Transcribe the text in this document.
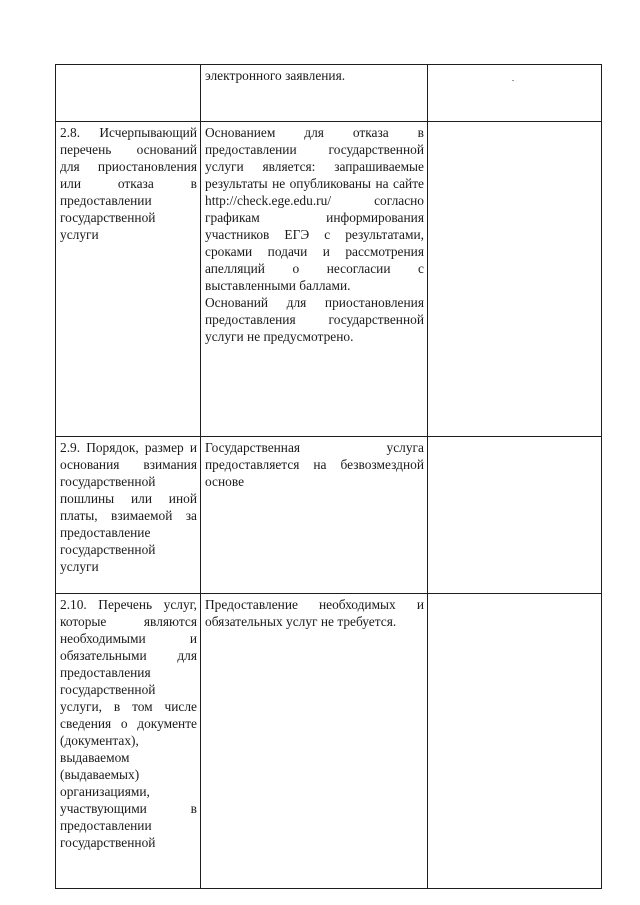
	электронного заявления.	

2.8. Исчерпывающий перечень оснований для приостановления или отказа в предоставлении государственной услуги	Основанием для отказа в предоставлении государственной услуги является: запрашиваемые результаты не опубликованы на сайте http://check.ege.edu.ru/ согласно графикам информирования участников ЕГЭ с результатами, сроками подачи и рассмотрения апелляций о несогласии с выставленными баллами.

Оснований для приостановления предоставления государственной услуги не предусмотрено.	

2.9. Порядок, размер и основания взимания государственной пошлины или иной платы, взимаемой за предоставление государственной услуги	Государственная услуга предоставляется на безвозмездной основе	

2.10. Перечень услуг, которые являются необходимыми и обязательными для предоставления государственной услуги, в том числе сведения о документе (документах), выдаваемом (выдаваемых) организациями, участвующими в предоставлении государственной	Предоставление необходимых и обязательных услуг не требуется.	
